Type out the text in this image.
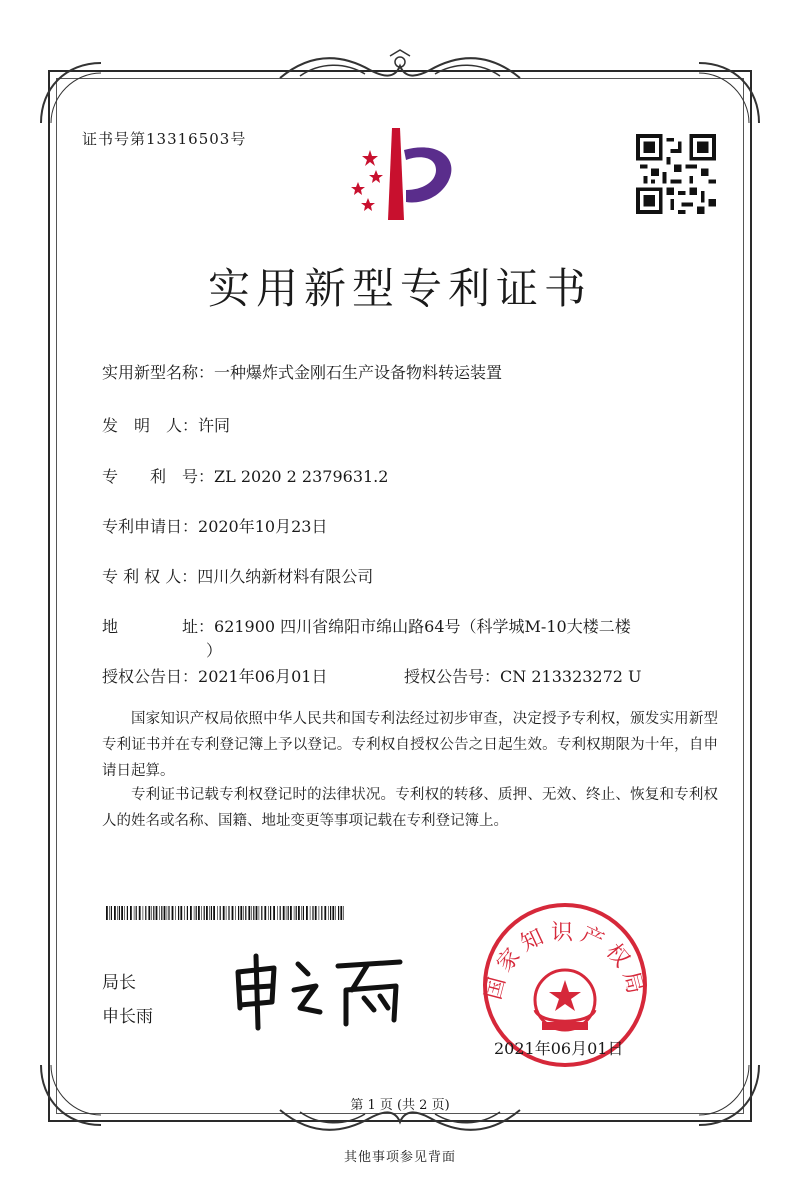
证书号第13316503号
实用新型专利证书
实用新型名称：一种爆炸式金刚石生产设备物料转运装置
发　明　人：许同
专　　利　号：ZL 2020 2 2379631.2
专利申请日：2020年10月23日
专 利 权 人：四川久纳新材料有限公司
地　　　　址：621900 四川省绵阳市绵山路64号（科学城M-10大楼二楼
）
授权公告日：2021年06月01日	授权公告号：CN 213323272 U
国家知识产权局依照中华人民共和国专利法经过初步审查，决定授予专利权，颁发实用新型专利证书并在专利登记簿上予以登记。专利权自授权公告之日起生效。专利权期限为十年，自申请日起算。
专利证书记载专利权登记时的法律状况。专利权的转移、质押、无效、终止、恢复和专利权人的姓名或名称、国籍、地址变更等事项记载在专利登记簿上。
局长
申长雨
国家知识产权局
2021年06月01日
第 1 页 (共 2 页)
其他事项参见背面
